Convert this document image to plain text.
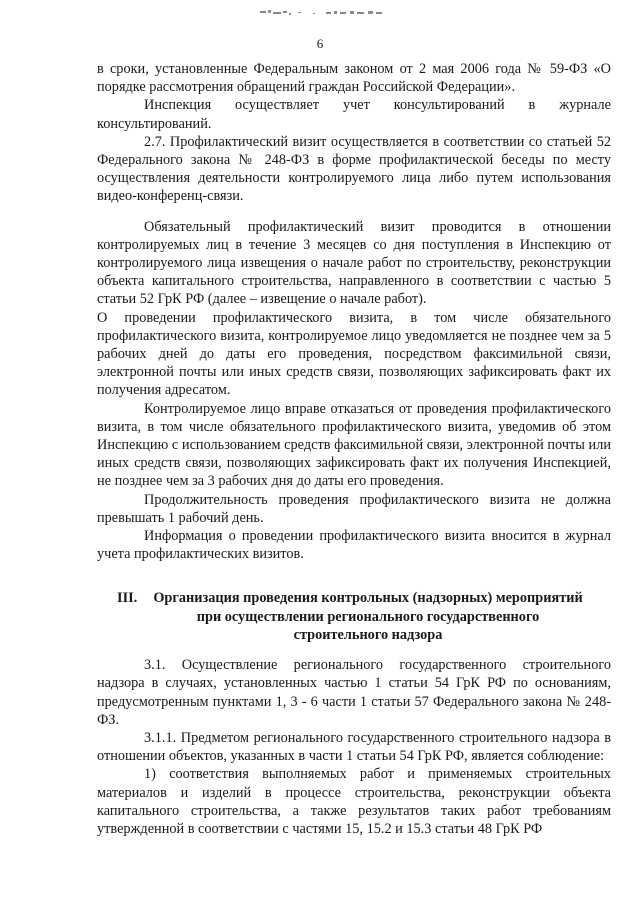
6

в сроки, установленные Федеральным законом от 2 мая 2006 года № 59-ФЗ «О порядке рассмотрения обращений граждан Российской Федерации».

Инспекция осуществляет учет консультирований в журнале консультирований.

2.7. Профилактический визит осуществляется в соответствии со статьей 52 Федерального закона № 248-ФЗ в форме профилактической беседы по месту осуществления деятельности контролируемого лица либо путем использования видео-конференц-связи.

Обязательный профилактический визит проводится в отношении контролируемых лиц в течение 3 месяцев со дня поступления в Инспекцию от контролируемого лица извещения о начале работ по строительству, реконструкции объекта капитального строительства, направленного в соответствии с частью 5 статьи 52 ГрК РФ (далее – извещение о начале работ).

О проведении профилактического визита, в том числе обязательного профилактического визита, контролируемое лицо уведомляется не позднее чем за 5 рабочих дней до даты его проведения, посредством факсимильной связи, электронной почты или иных средств связи, позволяющих зафиксировать факт их получения адресатом.

Контролируемое лицо вправе отказаться от проведения профилактического визита, в том числе обязательного профилактического визита, уведомив об этом Инспекцию с использованием средств факсимильной связи, электронной почты или иных средств связи, позволяющих зафиксировать факт их получения Инспекцией, не позднее чем за 3 рабочих дня до даты его проведения.

Продолжительность проведения профилактического визита не должна превышать 1 рабочий день.

Информация о проведении профилактического визита вносится в журнал учета профилактических визитов.

III.	Организация проведения контрольных (надзорных) мероприятий
при осуществлении регионального государственного
строительного надзора

3.1. Осуществление регионального государственного строительного надзора в случаях, установленных частью 1 статьи 54 ГрК РФ по основаниям, предусмотренным пунктами 1, 3 - 6 части 1 статьи 57 Федерального закона № 248-ФЗ.

3.1.1. Предметом регионального государственного строительного надзора в отношении объектов, указанных в части 1 статьи 54 ГрК РФ, является соблюдение:

1) соответствия выполняемых работ и применяемых строительных материалов и изделий в процессе строительства, реконструкции объекта капитального строительства, а также результатов таких работ требованиям утвержденной в соответствии с частями 15, 15.2 и 15.3 статьи 48 ГрК РФ
